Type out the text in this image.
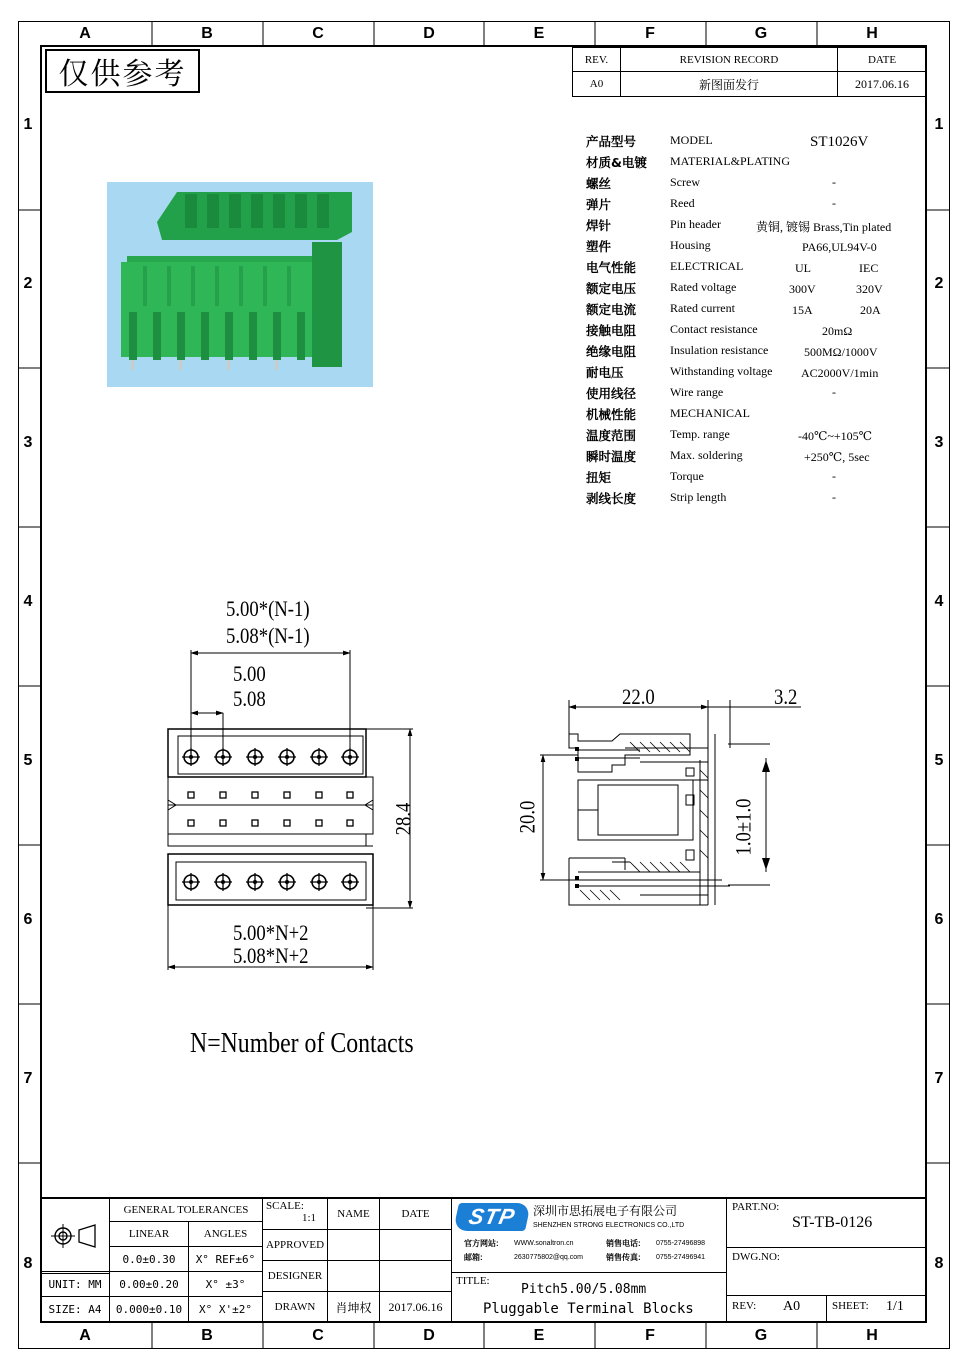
A	B	C	D	E	F	G	H
A	B	C	D	E	F	G	H
1
2
3
4
5
6
7
8
1
2
3
4
5
6
7
8
仅供参考	REV.	REVISION RECORD	DATE
A0	新图面发行	2017.06.16
产品型号	MODEL	ST1026V
材质&电镀 MATERIAL&PLATING
螺丝	Screw	-
弹片	Reed	-
焊针	Pin header	黄铜, 镀锡 Brass,Tin plated
塑件	Housing	PA66,UL94V-0
电气性能	ELECTRICAL	UL	IEC
额定电压	Rated voltage	300V	320V
额定电流	Rated current	15A	20A
接触电阻	Contact resistance	20mΩ
绝缘电阻	Insulation resistance	500MΩ/1000V
耐电压	Withstanding voltage AC2000V/1min
使用线径	Wire range	-
机械性能	MECHANICAL
温度范围	Temp. range	-40℃~+105℃
瞬时温度	Max. soldering	+250℃, 5sec
扭矩	Torque	-
剥线长度	Strip length	-
5.00*(N-1)
5.08*(N-1)
5.00
5.08
28.4
5.00*N+2
5.08*N+2
22.0	3.2
20.0	1.0±1.0
N=Number of Contacts
GENERAL TOLERANCES
LINEAR	ANGLES
0.0±0.30	X° REF±6°
UNIT: MM	0.00±0.20	X° ±3°
SIZE: A4	0.000±0.10	X° X'±2°
SCALE:
1:1	NAME	DATE
APPROVED
DESIGNER
DRAWN	肖坤权	2017.06.16
STP 深圳市思拓展电子有限公司
SHENZHEN STRONG ELECTRONICS CO.,LTD
官方网站: WWW.sonaltron.cn	销售电话: 0755-27496898
邮箱:	2630775802@qq.com	销售传真: 0755-27496941
TITLE:
Pitch5.00/5.08mm
Pluggable Terminal Blocks
PART.NO:
ST-TB-0126
DWG.NO:
REV: A0	SHEET: 1/1
